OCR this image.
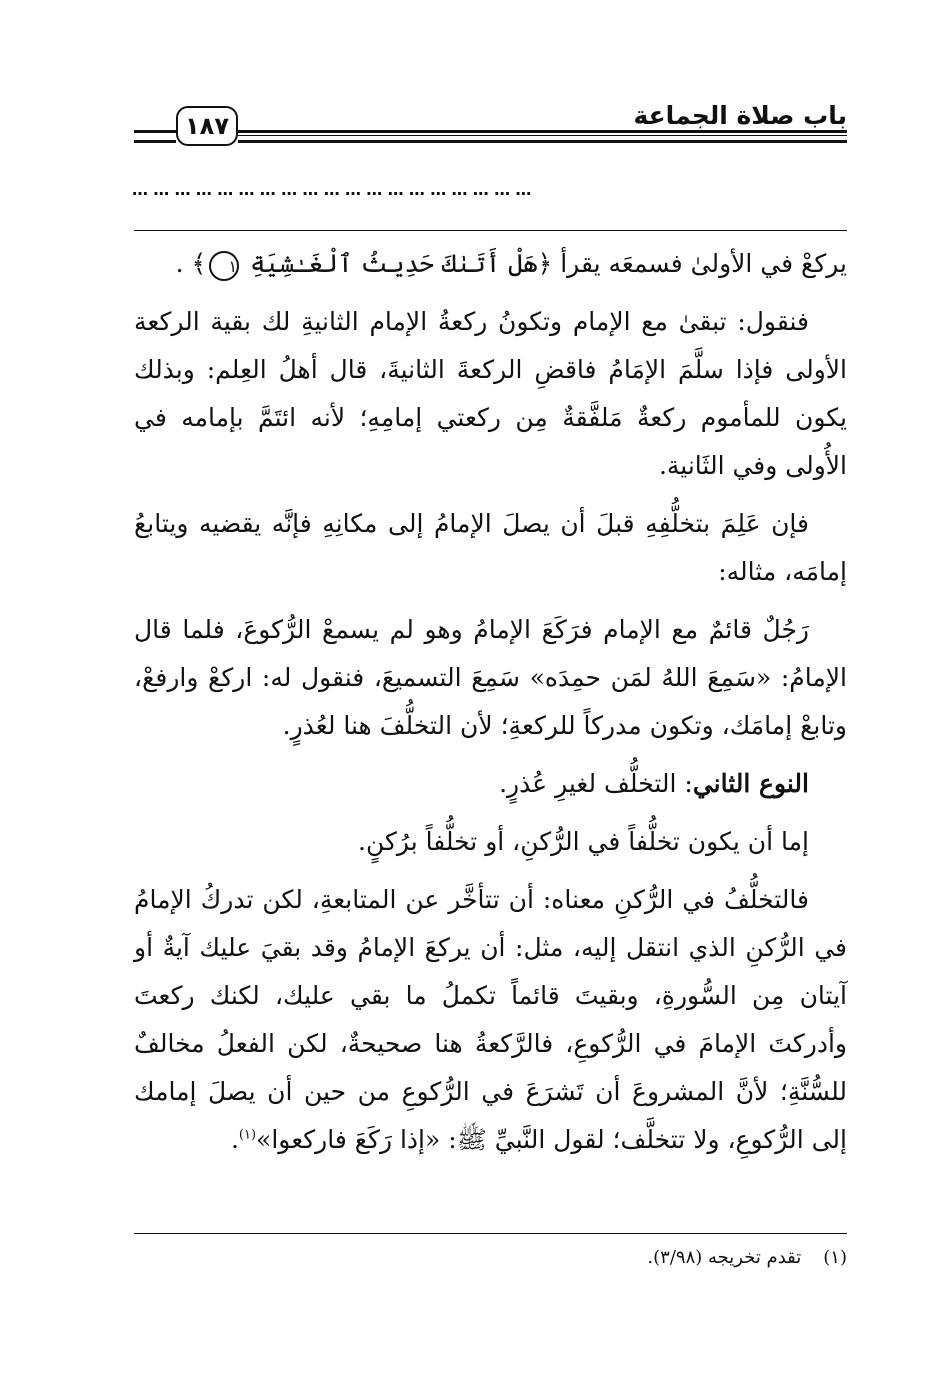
باب صلاة الجماعة
١٨٧
…………………………………………………

يركعْ في الأولىٰ فسمعَه يقرأ ﴿هَلْ أَتَىٰكَ حَدِيثُ ٱلْغَـٰشِيَةِ ١﴾ .

فنقول: تبقىٰ مع الإمام وتكونُ ركعةُ الإمام الثانيةِ لك بقية الركعة الأولى فإذا سلَّمَ الإمَامُ فاقضِ الركعةَ الثانيةَ، قال أهلُ العِلم: وبذلك يكون للمأموم ركعةٌ مَلفَّقةٌ مِن ركعتي إمامِهِ؛ لأنه ائتَمَّ بإمامه في الأُولى وفي الثَانية.

فإن عَلِمَ بتخلُّفِهِ قبلَ أن يصلَ الإمامُ إلى مكانِهِ فإنَّه يقضيه ويتابعُ إمامَه، مثاله:

رَجُلٌ قائمٌ مع الإمام فرَكَعَ الإمامُ وهو لم يسمعْ الرُّكوعَ، فلما قال الإمامُ: «سَمِعَ اللهُ لمَن حمِدَه» سَمِعَ التسميعَ، فنقول له: اركعْ وارفعْ، وتابعْ إمامَك، وتكون مدركاً للركعةِ؛ لأن التخلُّفَ هنا لعُذرٍ.

النوع الثاني: التخلُّف لغيرِ عُذرٍ.

إما أن يكون تخلُّفاً في الرُّكنِ، أو تخلُّفاً برُكنٍ.

فالتخلُّفُ في الرُّكنِ معناه: أن تتأخَّر عن المتابعةِ، لكن تدركُ الإمامُ في الرُّكنِ الذي انتقل إليه، مثل: أن يركعَ الإمامُ وقد بقيَ عليك آيةٌ أو آيتان مِن السُّورةِ، وبقيتَ قائماً تكملُ ما بقي عليك، لكنك ركعتَ وأدركتَ الإمامَ في الرُّكوعِ، فالرَّكعةُ هنا صحيحةٌ، لكن الفعلُ مخالفٌ للسُّنَّةِ؛ لأنَّ المشروعَ أن تَشرَعَ في الرُّكوعِ من حين أن يصلَ إمامك إلى الرُّكوعِ، ولا تتخلَّف؛ لقول النَّبيِّ ﷺ: «إذا رَكَعَ فاركعوا»$^{(١)}$.

(١)تقدم تخريجه (٣/٩٨).
